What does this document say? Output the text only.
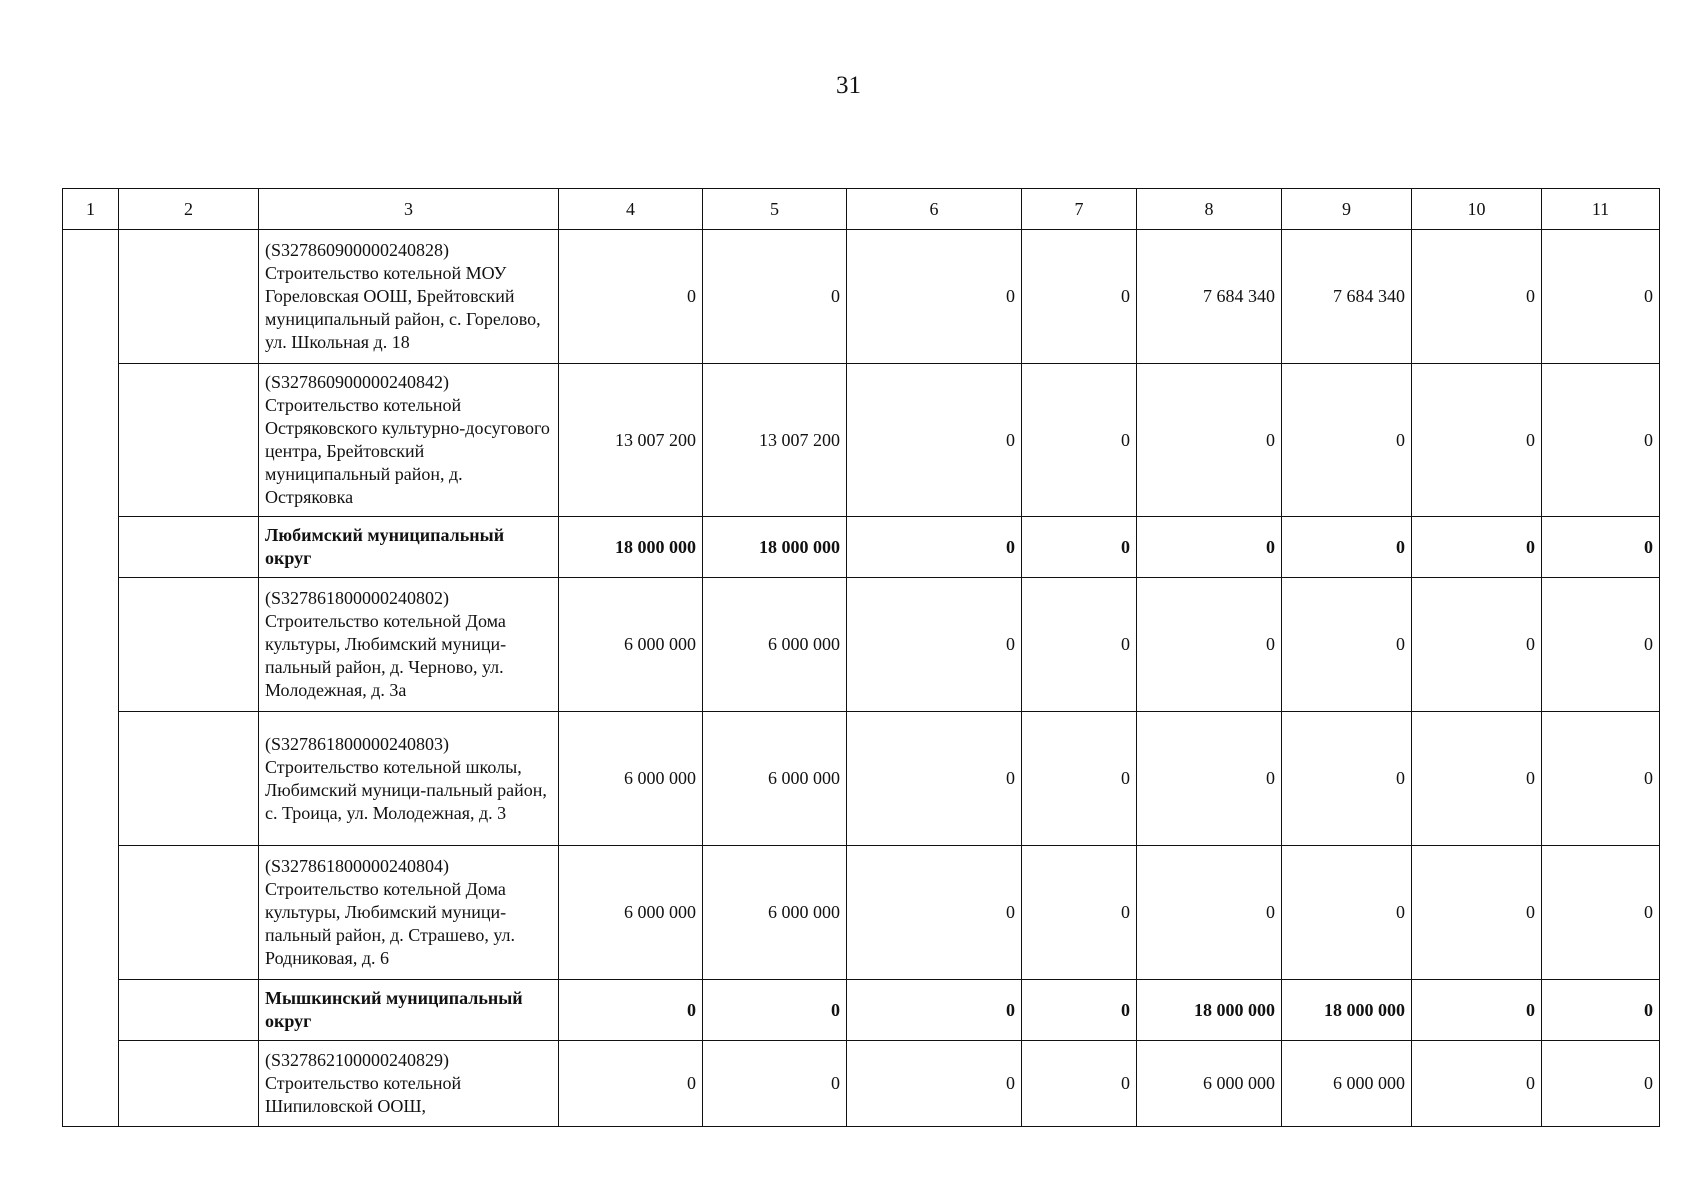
31
1	2	3	4	5	6	7	8	9	10	11
		(S327860900000240828) Строительство котельной МОУ Гореловская ООШ, Брейтовский муниципальный район, с. Горелово, ул. Школьная д. 18	0	0	0	0	7 684 340	7 684 340	0	0
		(S327860900000240842) Строительство котельной Остряковского культурно-досугового центра, Брейтовский муниципальный район, д. Остряковка	13 007 200	13 007 200	0	0	0	0	0	0
		Любимский муниципальный округ	18 000 000	18 000 000	0	0	0	0	0	0
		(S327861800000240802) Строительство котельной Дома культуры, Любимский муници-пальный район, д. Черново, ул. Молодежная, д. 3а	6 000 000	6 000 000	0	0	0	0	0	0
		(S327861800000240803) Строительство котельной школы, Любимский муници-пальный район, с. Троица, ул. Молодежная, д. 3	6 000 000	6 000 000	0	0	0	0	0	0
		(S327861800000240804) Строительство котельной Дома культуры, Любимский муници-пальный район, д. Страшево, ул. Родниковая, д. 6	6 000 000	6 000 000	0	0	0	0	0	0
		Мышкинский муниципальный округ	0	0	0	0	18 000 000	18 000 000	0	0
		(S327862100000240829) Строительство котельной Шипиловской ООШ,	0	0	0	0	6 000 000	6 000 000	0	0
